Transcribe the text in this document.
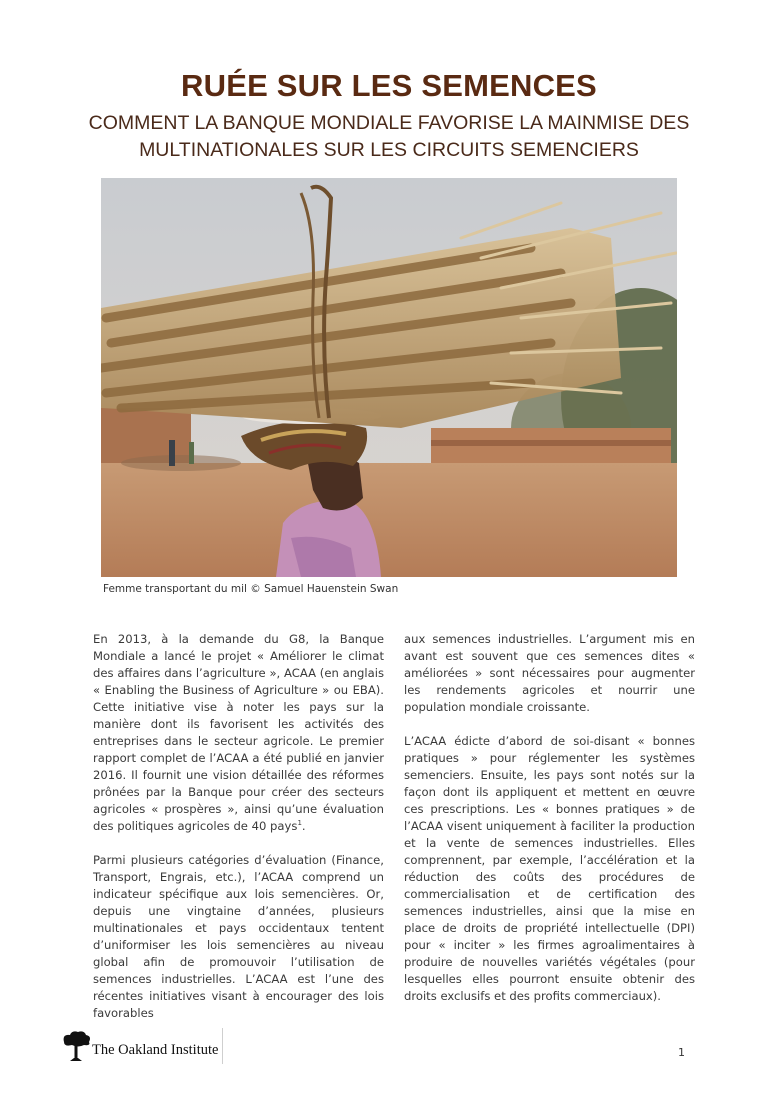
RUÉE SUR LES SEMENCES

COMMENT LA BANQUE MONDIALE FAVORISE LA MAINMISE DES MULTINATIONALES SUR LES CIRCUITS SEMENCIERS

Femme transportant du mil © Samuel Hauenstein Swan

En 2013, à la demande du G8, la Banque Mondiale a lancé le projet « Améliorer le climat des affaires dans l’agriculture », ACAA (en anglais « Enabling the Business of Agriculture » ou EBA). Cette initiative vise à noter les pays sur la manière dont ils favorisent les activités des entreprises dans le secteur agricole. Le premier rapport complet de l’ACAA a été publié en janvier 2016. Il fournit une vision détaillée des réformes prônées par la Banque pour créer des secteurs agricoles « prospères », ainsi qu’une évaluation des politiques agricoles de 40 pays$^1$.

Parmi plusieurs catégories d’évaluation (Finance, Transport, Engrais, etc.), l’ACAA comprend un indicateur spécifique aux lois semencières. Or, depuis une vingtaine d’années, plusieurs multinationales et pays occidentaux tentent d’uniformiser les lois semencières au niveau global afin de promouvoir l’utilisation de semences industrielles. L’ACAA est l’une des récentes initiatives visant à encourager des lois favorables

aux semences industrielles. L’argument mis en avant est souvent que ces semences dites « améliorées » sont nécessaires pour augmenter les rendements agricoles et nourrir une population mondiale croissante.

L’ACAA édicte d’abord de soi-disant « bonnes pratiques » pour réglementer les systèmes semenciers. Ensuite, les pays sont notés sur la façon dont ils appliquent et mettent en œuvre ces prescriptions. Les « bonnes pratiques » de l’ACAA visent uniquement à faciliter la production et la vente de semences industrielles. Elles comprennent, par exemple, l’accélération et la réduction des coûts des procédures de commercialisation et de certification des semences industrielles, ainsi que la mise en place de droits de propriété intellectuelle (DPI) pour « inciter » les firmes agroalimentaires à produire de nouvelles variétés végétales (pour lesquelles elles pourront ensuite obtenir des droits exclusifs et des profits commerciaux).

The Oakland Institute	1
